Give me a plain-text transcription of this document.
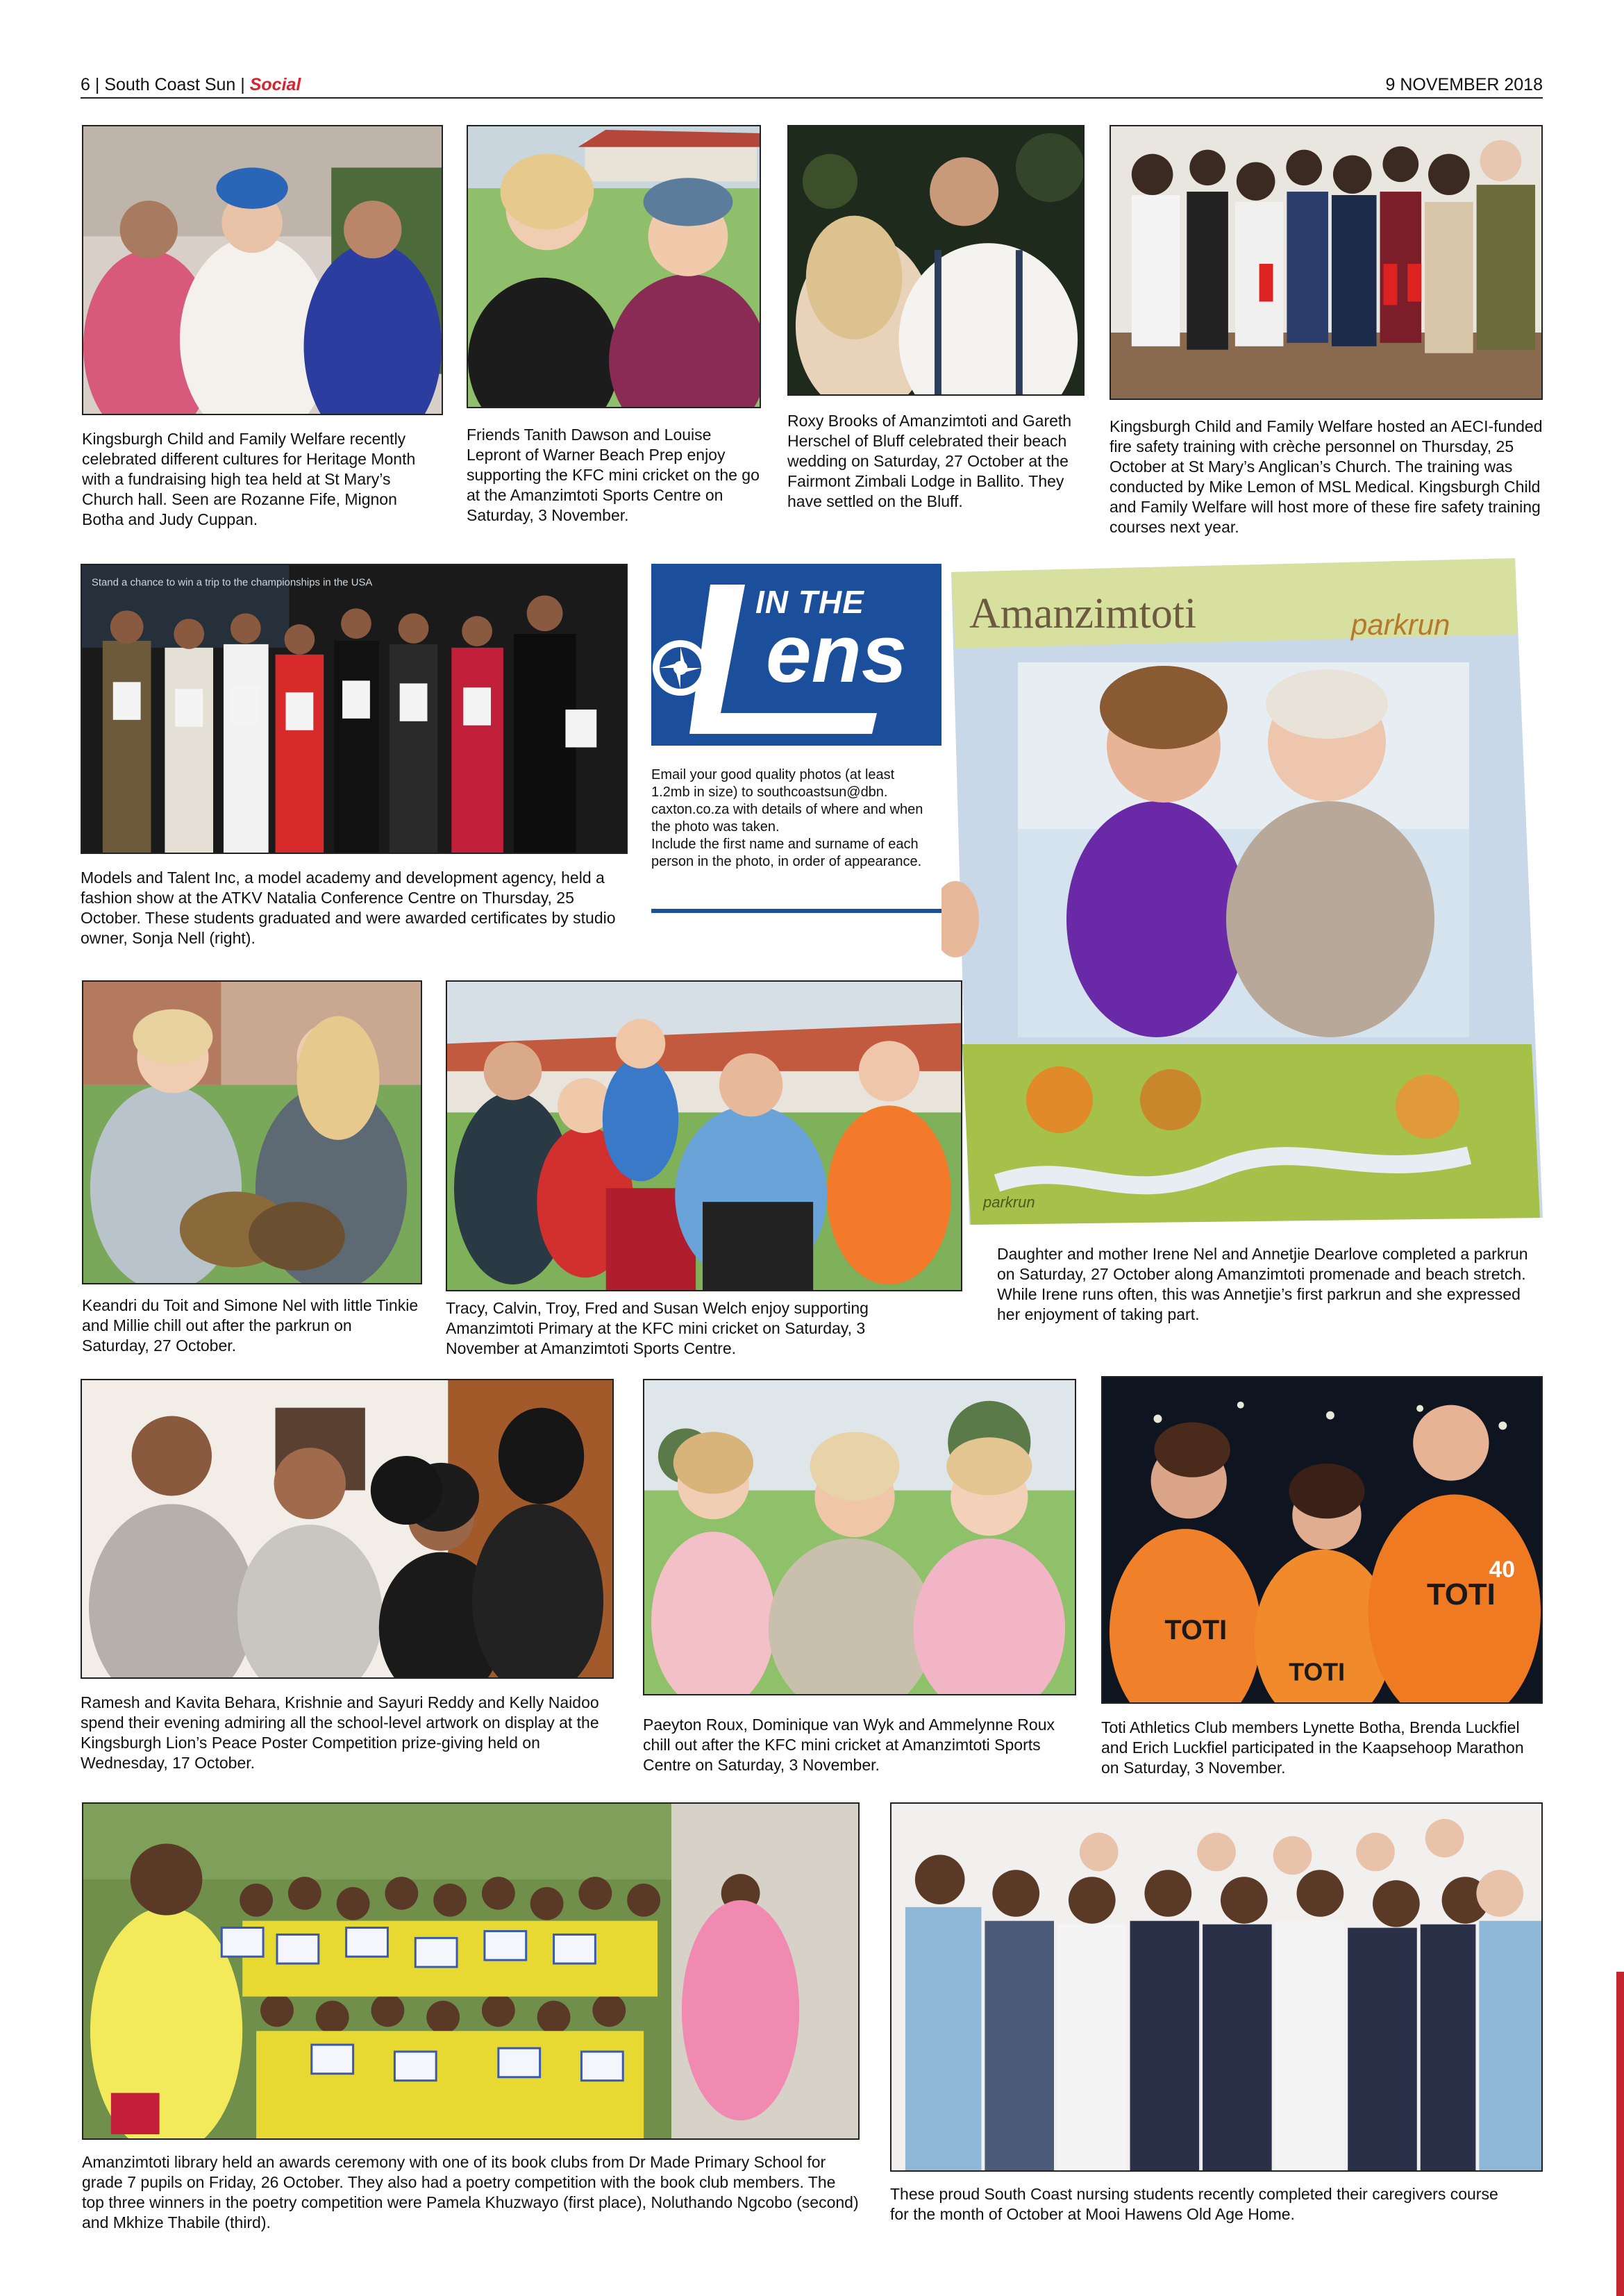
6 | South Coast Sun | Social	9 NOVEMBER 2018
Kingsburgh Child and Family Welfare recently celebrated different cultures for Heritage Month with a fundraising high tea held at St Mary’s Church hall. Seen are Rozanne Fife, Mignon Botha and Judy Cuppan.
Friends Tanith Dawson and Louise Lepront of Warner Beach Prep enjoy supporting the KFC mini cricket on the go at the Amanzimtoti Sports Centre on Saturday, 3 November.
Roxy Brooks of Amanzimtoti and Gareth Herschel of Bluff celebrated their beach wedding on Saturday, 27 October at the Fairmont Zimbali Lodge in Ballito. They have settled on the Bluff.
Kingsburgh Child and Family Welfare hosted an AECI-funded fire safety training with crèche personnel on Thursday, 25 October at St Mary’s Anglican’s Church. The training was conducted by Mike Lemon of MSL Medical. Kingsburgh Child and Family Welfare will host more of these fire safety training courses next year.
Stand a chance to win a trip to the championships in the USA
Models and Talent Inc, a model academy and development agency, held a fashion show at the ATKV Natalia Conference Centre on Thursday, 25 October. These students graduated and were awarded certificates by studio owner, Sonja Nell (right).
IN THE
ens
Email your good quality photos (at least 1.2mb in size) to southcoastsun@dbn. caxton.co.za with details of where and when the photo was taken.
Include the first name and surname of each person in the photo, in order of appearance.
Amanzimtoti	parkrun
parkrun
Daughter and mother Irene Nel and Annetjie Dearlove completed a parkrun on Saturday, 27 October along Amanzimtoti promenade and beach stretch. While Irene runs often, this was Annetjie’s first parkrun and she expressed her enjoyment of taking part.
Keandri du Toit and Simone Nel with little Tinkie and Millie chill out after the parkrun on Saturday, 27 October.
Tracy, Calvin, Troy, Fred and Susan Welch enjoy supporting Amanzimtoti Primary at the KFC mini cricket on Saturday, 3 November at Amanzimtoti Sports Centre.
Ramesh and Kavita Behara, Krishnie and Sayuri Reddy and Kelly Naidoo spend their evening admiring all the school-level artwork on display at the Kingsburgh Lion’s Peace Poster Competition prize-giving held on Wednesday, 17 October.
Paeyton Roux, Dominique van Wyk and Ammelynne Roux chill out after the KFC mini cricket at Amanzimtoti Sports Centre on Saturday, 3 November.
TOTI
TOTI
TOTI
40
Toti Athletics Club members Lynette Botha, Brenda Luckfiel and Erich Luckfiel participated in the Kaapsehoop Marathon on Saturday, 3 November.
Amanzimtoti library held an awards ceremony with one of its book clubs from Dr Made Primary School for grade 7 pupils on Friday, 26 October. They also had a poetry competition with the book club members. The top three winners in the poetry competition were Pamela Khuzwayo (first place), Noluthando Ngcobo (second) and Mkhize Thabile (third).
These proud South Coast nursing students recently completed their caregivers course for the month of October at Mooi Hawens Old Age Home.
